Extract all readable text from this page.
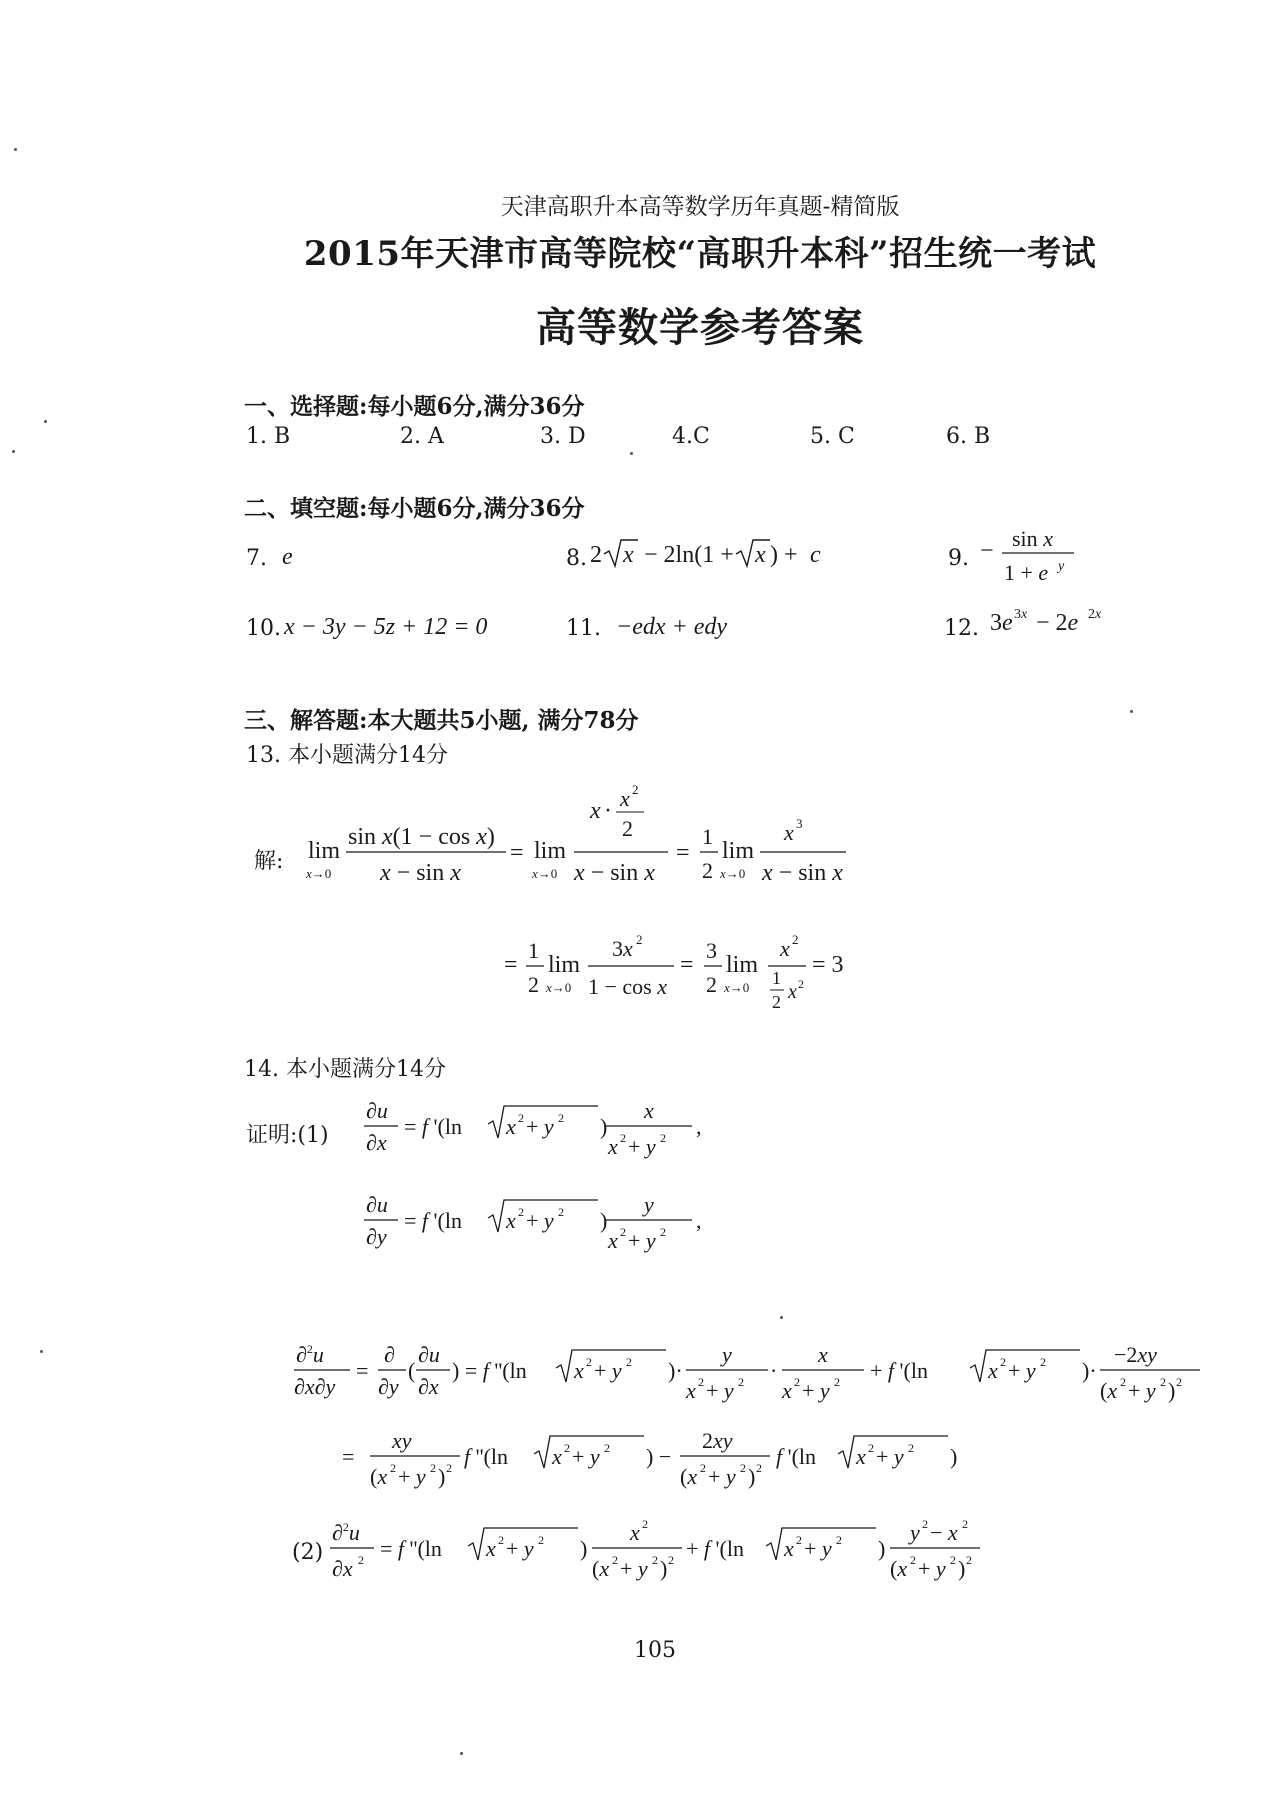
天津高职升本高等数学历年真题-精简版
2015年天津市高等院校“高职升本科”招生统一考试
高等数学参考答案
一、选择题:每小题6分,满分36分
1. B	2. A	3. D	4.C	5. C	6. B
二、填空题:每小题6分,满分36分
7. e	8. 2 x − 2ln(1 + x ) + c	9. − sin x
1 + e y
10. x − 3y − 5z + 12 = 0	11. −edx + edy	12. 3e 3x − 2e 2x
三、解答题:本大题共5小题, 满分78分
13. 本小题满分14分
解: lim
x→0
sin x(1 − cos x)
x − sin x
= lim
x→0
x · x 2
2
x − sin x
=
1
2
lim
x→0
x 3
x − sin x
=
1
2
lim
x→0
3x 2
1 − cos x
=
3
2
lim
x→0
x 2
1
2 x 2
= 3
14. 本小题满分14分
证明:(1)
∂u
∂x
= f '(ln x 2 + y 2 )
x
x 2 + y 2 ,
∂u
∂y
= f '(ln x 2 + y 2 )
y
x 2 + y 2 ,
∂$^2$u
∂x∂y
=
∂
∂y
(
∂u
∂x
) = f ''(ln x 2 + y 2 )·
y
x 2 + y 2 ·
x
x 2 + y 2 + f '(ln	x 2 + y 2 )·
−2xy
(x 2 + y 2 ) 2
=
xy
(x 2 + y 2 ) 2 f ''(ln x 2 + y 2 ) −
2xy
(x 2 + y 2 ) 2 f '(ln x 2 + y 2 )
(2)
∂$^2$u
∂x 2 = f ''(ln x 2 + y 2 )
x 2
(x 2 + y 2 ) 2 + f '(ln x 2 + y 2 )
y 2 − x 2
(x 2 + y 2 ) 2
105
